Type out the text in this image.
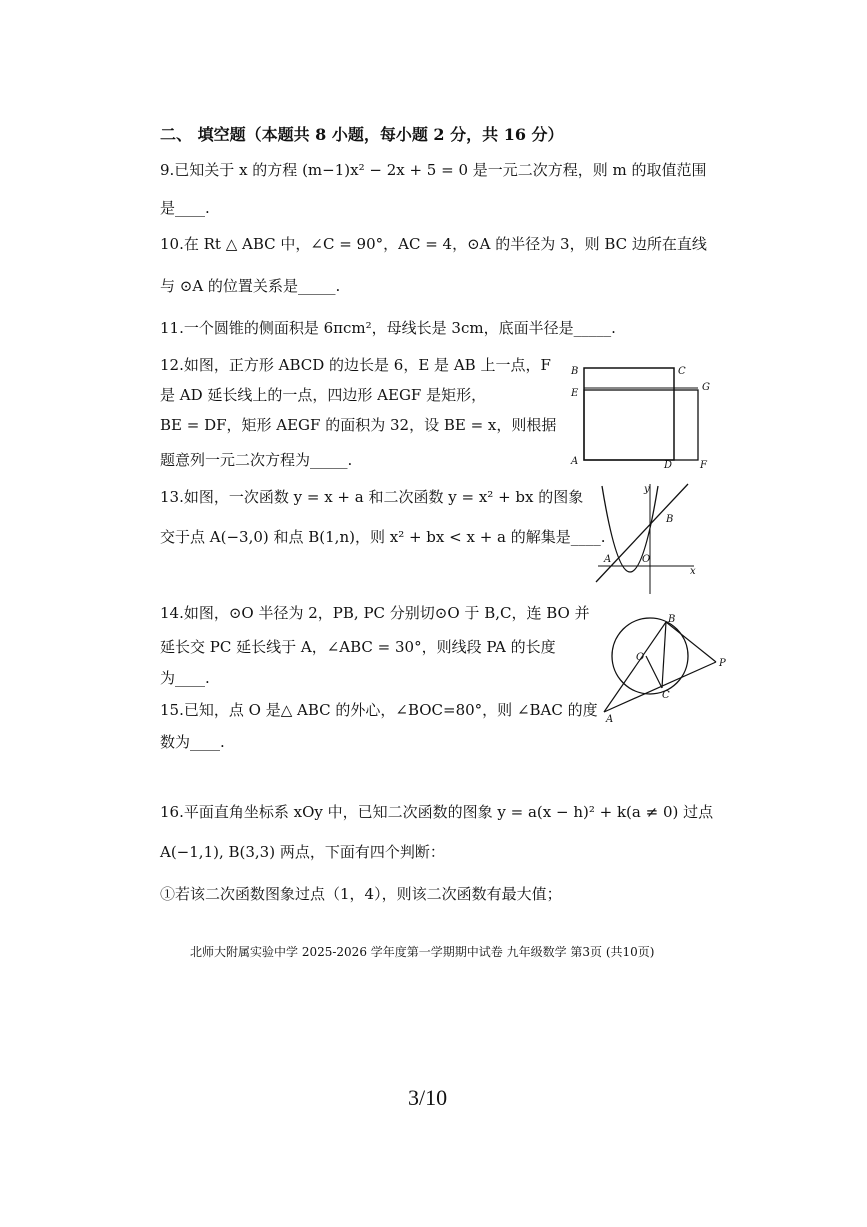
二、 填空题（本题共 8 小题，每小题 2 分，共 16 分）
9.已知关于 x 的方程 (m−1)x² − 2x + 5 = 0 是一元二次方程，则 m 的取值范围
是____.
10.在 Rt △ ABC 中，∠C = 90°，AC = 4，⊙A 的半径为 3，则 BC 边所在直线
与 ⊙A 的位置关系是_____.
11.一个圆锥的侧面积是 6πcm²，母线长是 3cm，底面半径是_____.
12.如图，正方形 ABCD 的边长是 6，E 是 AB 上一点，F
是 AD 延长线上的一点，四边形 AEGF 是矩形，
BE = DF，矩形 AEGF 的面积为 32，设 BE = x，则根据
题意列一元二次方程为_____.
B	C
G
E
A	D	F
13.如图，一次函数 y = x + a 和二次函数 y = x² + bx 的图象
交于点 A(−3,0) 和点 B(1,n)，则 x² + bx < x + a 的解集是____.
y
B
A	O
x
14.如图，⊙O 半径为 2，PB, PC 分别切⊙O 于 B,C，连 BO 并
延长交 PC 延长线于 A，∠ABC = 30°，则线段 PA 的长度
为____.
B
O
C
P
A
15.已知，点 O 是△ ABC 的外心，∠BOC=80°，则 ∠BAC 的度
数为____.
16.平面直角坐标系 xOy 中，已知二次函数的图象 y = a(x − h)² + k(a ≠ 0) 过点
A(−1,1), B(3,3) 两点，下面有四个判断：
①若该二次函数图象过点（1，4），则该二次函数有最大值；
北师大附属实验中学 2025-2026 学年度第一学期期中试卷 九年级数学 第3页 (共10页)
3/10
